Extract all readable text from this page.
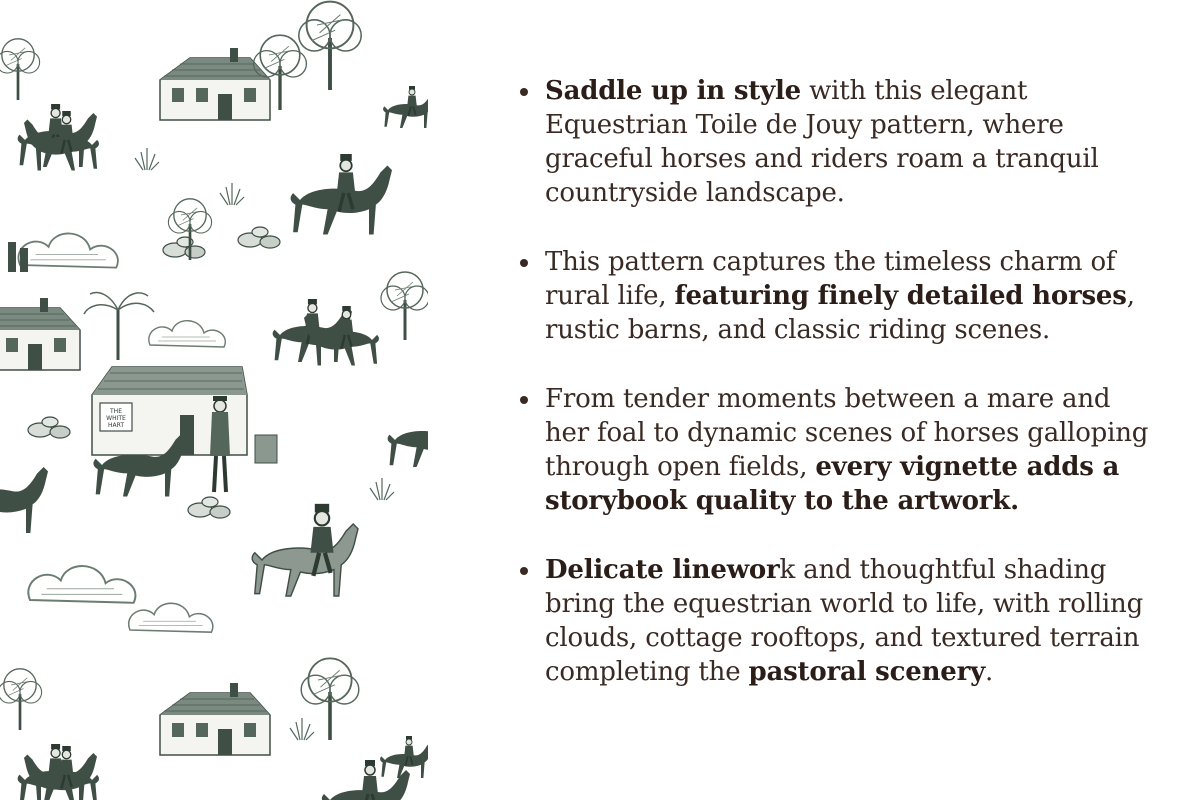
THE
WHITE
HART
Saddle up in style with this elegant Equestrian Toile de Jouy pattern, where graceful horses and riders roam a tranquil countryside landscape.
This pattern captures the timeless charm of rural life, featuring finely detailed horses, rustic barns, and classic riding scenes.
From tender moments between a mare and her foal to dynamic scenes of horses galloping through open fields, every vignette adds a storybook quality to the artwork.
Delicate linework and thoughtful shading bring the equestrian world to life, with rolling clouds, cottage rooftops, and textured terrain completing the pastoral scenery.
